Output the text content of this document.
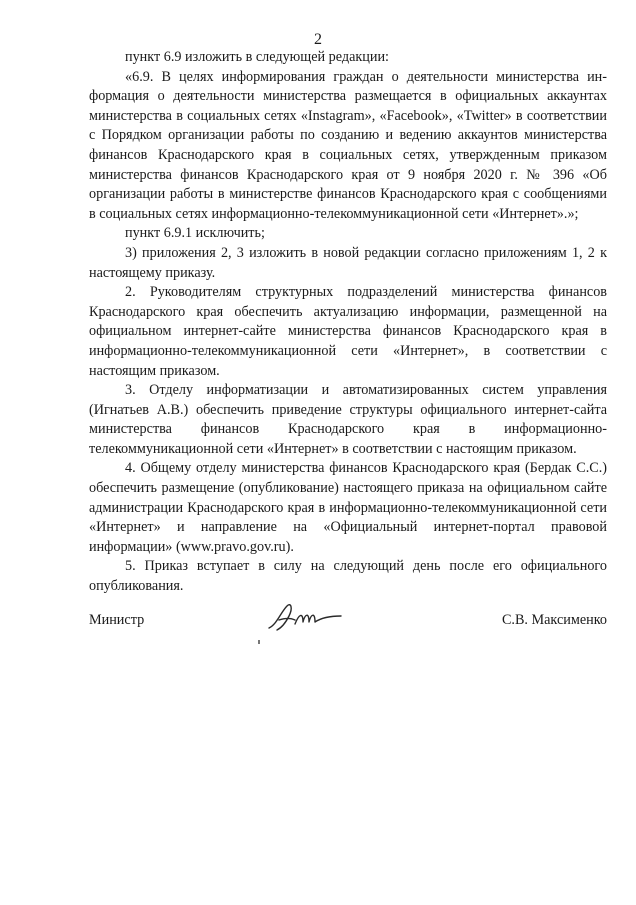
2

пункт 6.9 изложить в следующей редакции:

«6.9. В целях информирования граждан о деятельности министерства информация о деятельности министерства размещается в официальных аккаунтах министерства в социальных сетях «Instagram», «Facebook», «Twitter» в соответствии с Порядком организации работы по созданию и ведению аккаунтов министерства финансов Краснодарского края в социальных сетях, утвержденным приказом министерства финансов Краснодарского края от 9 ноября 2020 г. № 396 «Об организации работы в министерстве финансов Краснодарского края с сообщениями в социальных сетях информационно-телекоммуникационной сети «Интернет».»;

пункт 6.9.1 исключить;

3) приложения 2, 3 изложить в новой редакции согласно приложениям 1, 2 к настоящему приказу.

2. Руководителям структурных подразделений министерства финансов Краснодарского края обеспечить актуализацию информации, размещенной на официальном интернет-сайте министерства финансов Краснодарского края в информационно-телекоммуникационной сети «Интернет», в соответствии с настоящим приказом.

3. Отделу информатизации и автоматизированных систем управления (Игнатьев А.В.) обеспечить приведение структуры официального интернет-сайта министерства финансов Краснодарского края в информационно-телекоммуникационной сети «Интернет» в соответствии с настоящим приказом.

4. Общему отделу министерства финансов Краснодарского края (Бердак С.С.) обеспечить размещение (опубликование) настоящего приказа на официальном сайте администрации Краснодарского края в информационно-телекоммуникационной сети «Интернет» и направление на «Официальный интернет-портал правовой информации» (www.pravo.gov.ru).

5. Приказ вступает в силу на следующий день после его официального опубликования.

Министр	С.В. Максименко
